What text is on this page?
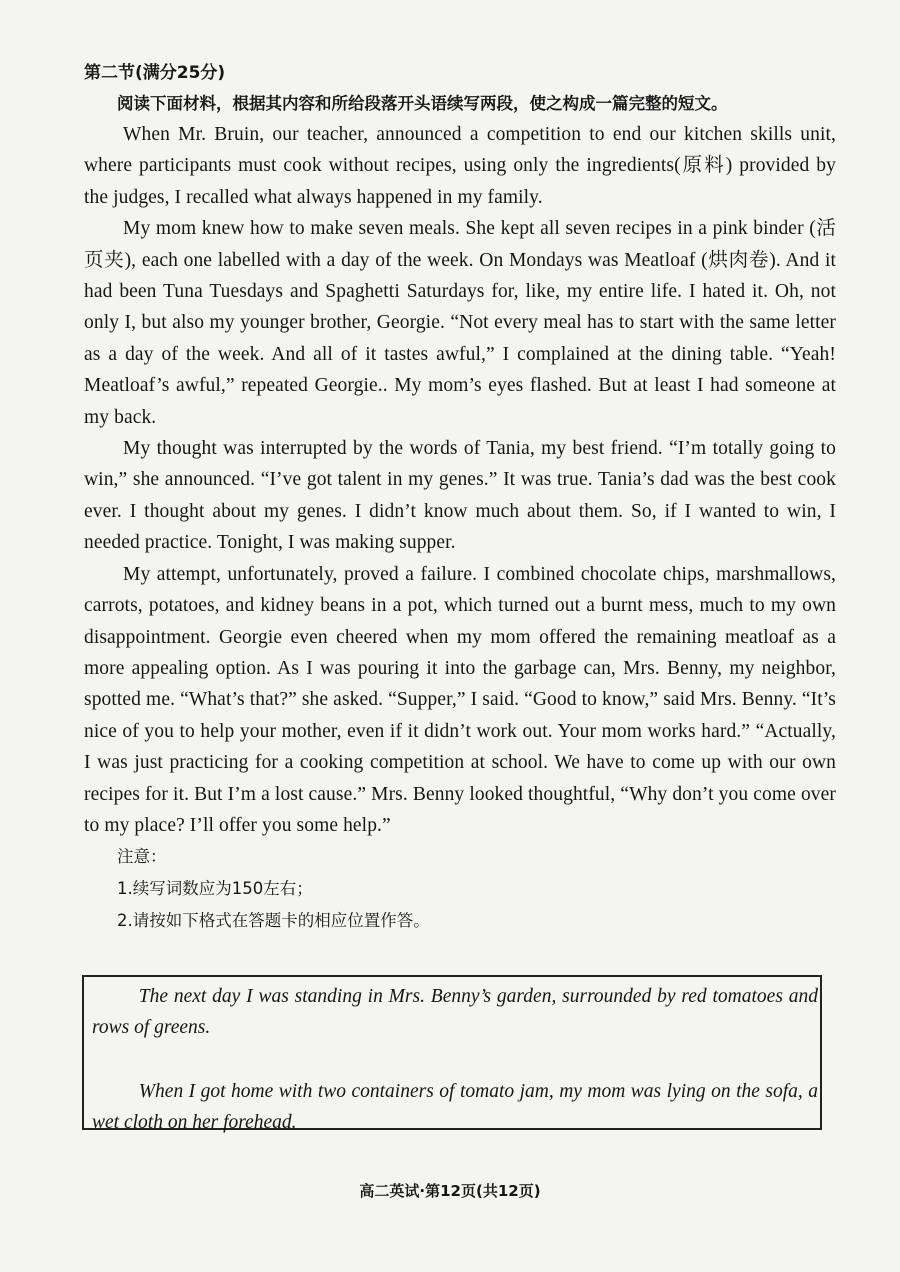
第二节(满分25分)

阅读下面材料，根据其内容和所给段落开头语续写两段，使之构成一篇完整的短文。

When Mr. Bruin, our teacher, announced a competition to end our kitchen skills unit, where participants must cook without recipes, using only the ingredients(原料) provided by the judges, I recalled what always happened in my family.

My mom knew how to make seven meals. She kept all seven recipes in a pink binder (活页夹), each one labelled with a day of the week. On Mondays was Meatloaf (烘肉卷). And it had been Tuna Tuesdays and Spaghetti Saturdays for, like, my entire life. I hated it. Oh, not only I, but also my younger brother, Georgie. “Not every meal has to start with the same letter as a day of the week. And all of it tastes awful,” I complained at the dining table. “Yeah! Meatloaf’s awful,” repeated Georgie.. My mom’s eyes flashed. But at least I had someone at my back.

My thought was interrupted by the words of Tania, my best friend. “I’m totally going to win,” she announced. “I’ve got talent in my genes.” It was true. Tania’s dad was the best cook ever. I thought about my genes. I didn’t know much about them. So, if I wanted to win, I needed practice. Tonight, I was making supper.

My attempt, unfortunately, proved a failure. I combined chocolate chips, marshmallows, carrots, potatoes, and kidney beans in a pot, which turned out a burnt mess, much to my own disappointment. Georgie even cheered when my mom offered the remaining meatloaf as a more appealing option. As I was pouring it into the garbage can, Mrs. Benny, my neighbor, spotted me. “What’s that?” she asked. “Supper,” I said. “Good to know,” said Mrs. Benny. “It’s nice of you to help your mother, even if it didn’t work out. Your mom works hard.” “Actually, I was just practicing for a cooking competition at school. We have to come up with our own recipes for it. But I’m a lost cause.” Mrs. Benny looked thoughtful, “Why don’t you come over to my place? I’ll offer you some help.”

注意：

1.续写词数应为150左右；

2.请按如下格式在答题卡的相应位置作答。

The next day I was standing in Mrs. Benny’s garden, surrounded by red tomatoes and rows of greens.

When I got home with two containers of tomato jam, my mom was lying on the sofa, a wet cloth on her forehead.

高二英试·第12页(共12页)
